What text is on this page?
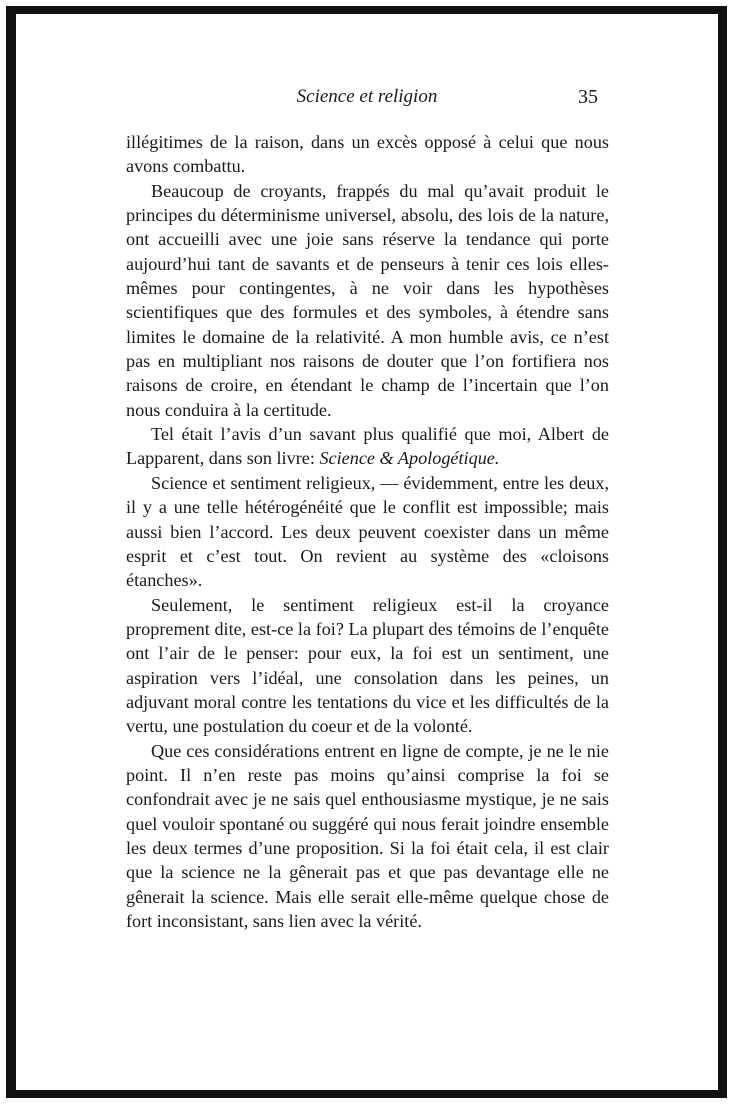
Science et religion	35

illégitimes de la raison, dans un excès opposé à celui que nous avons combattu.

Beaucoup de croyants, frappés du mal qu’avait produit le principes du déterminisme universel, absolu, des lois de la nature, ont accueilli avec une joie sans réserve la tendance qui porte aujourd’hui tant de savants et de penseurs à tenir ces lois elles-mêmes pour contingentes, à ne voir dans les hypothèses scientifiques que des formules et des symboles, à étendre sans limites le domaine de la relativité. A mon humble avis, ce n’est pas en multipliant nos raisons de douter que l’on fortifiera nos raisons de croire, en étendant le champ de l’incertain que l’on nous conduira à la certitude.

Tel était l’avis d’un savant plus qualifié que moi, Albert de Lapparent, dans son livre: Science & Apologétique.

Science et sentiment religieux, — évidemment, entre les deux, il y a une telle hétérogénéité que le conflit est impossible; mais aussi bien l’accord. Les deux peuvent coexister dans un même esprit et c’est tout. On revient au système des «cloisons étanches».

Seulement, le sentiment religieux est-il la croyance proprement dite, est-ce la foi? La plupart des témoins de l’enquête ont l’air de le penser: pour eux, la foi est un sentiment, une aspiration vers l’idéal, une consolation dans les peines, un adjuvant moral contre les tentations du vice et les difficultés de la vertu, une postulation du coeur et de la volonté.

Que ces considérations entrent en ligne de compte, je ne le nie point. Il n’en reste pas moins qu’ainsi comprise la foi se confondrait avec je ne sais quel enthousiasme mystique, je ne sais quel vouloir spontané ou suggéré qui nous ferait joindre ensemble les deux termes d’une proposition. Si la foi était cela, il est clair que la science ne la gênerait pas et que pas devantage elle ne gênerait la science. Mais elle serait elle-même quelque chose de fort inconsistant, sans lien avec la vérité.
